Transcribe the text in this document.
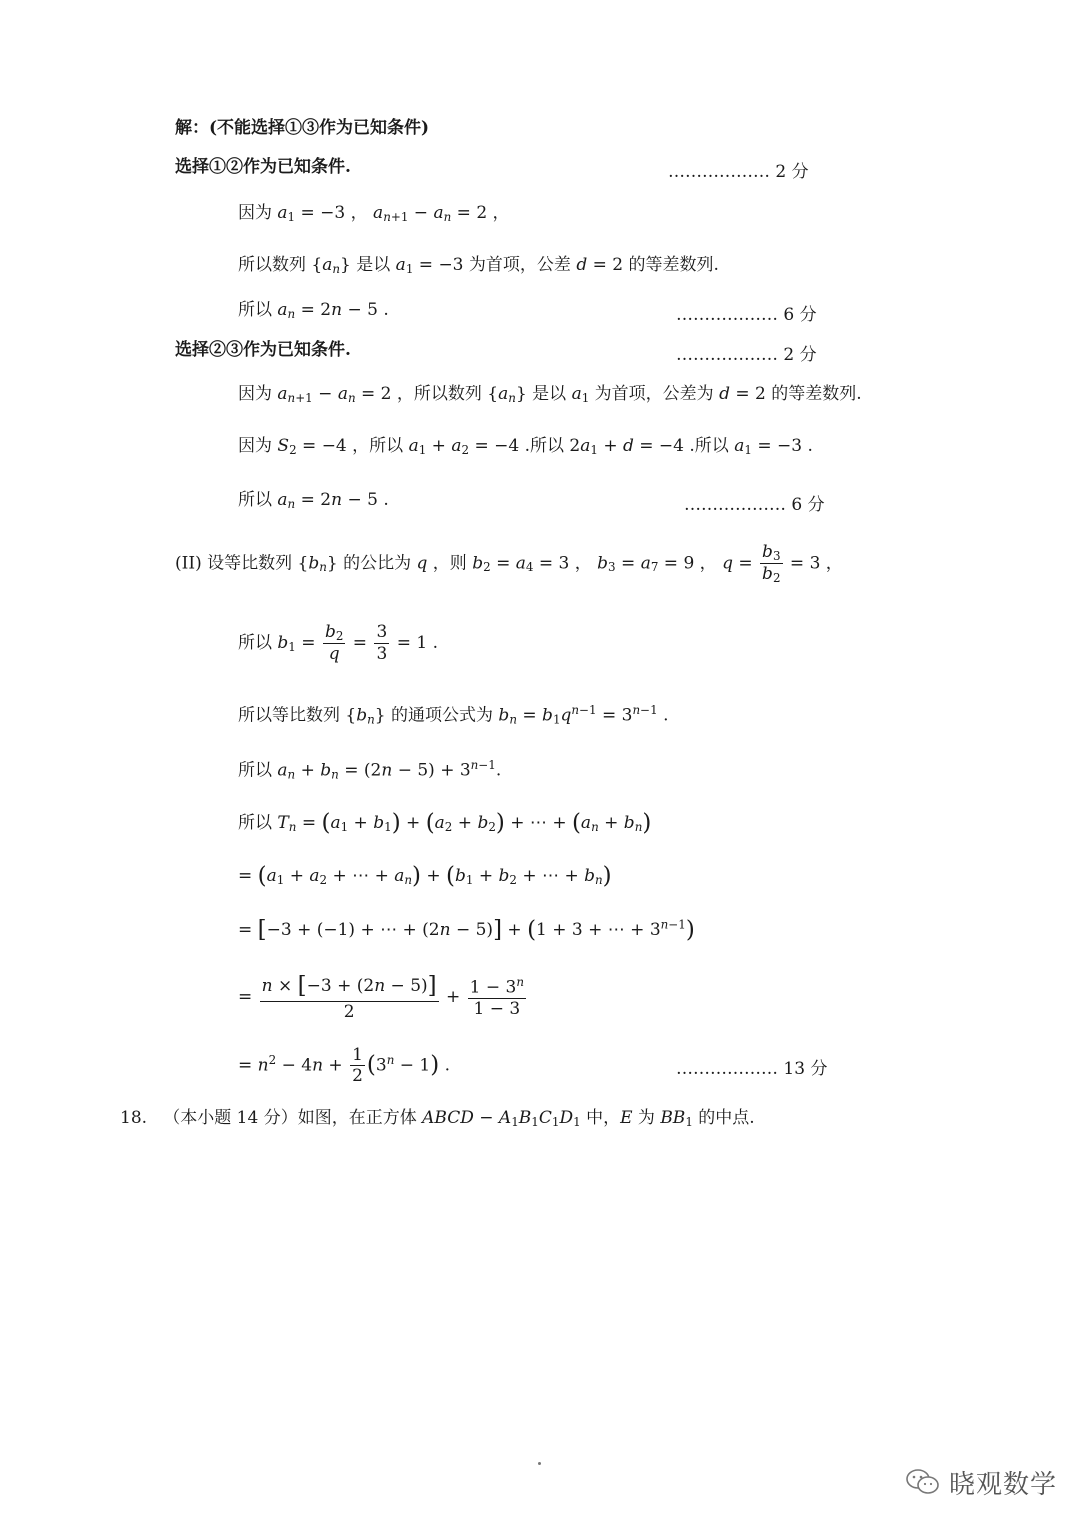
解：(不能选择①③作为已知条件)
选择①②作为已知条件.	……………… 2 分
因为 $a_1 = -3$ ， $a_{n+1} - a_n = 2$ ，
所以数列 $\{a_n\}$ 是以 $a_1 = -3$ 为首项，公差 d = 2 的等差数列.
所以 $a_n = 2n - 5$ .	……………… 6 分
选择②③作为已知条件.	……………… 2 分
因为 $a_{n+1} - a_n = 2$ ，所以数列 $\{a_n\}$ 是以 $a_1$ 为首项，公差为 d = 2 的等差数列.
因为 $S_2 = -4$ ，所以 $a_1 + a_2 = -4$ .所以 $2a_1 + d = -4$ .所以 $a_1 = -3$ .
所以 $a_n = 2n - 5$ .	……………… 6 分
(II) 设等比数列 $\{b_n\}$ 的公比为 q ，则 $b_2 = a_4 = 3$ ， $b_3 = a_7 = 9$ ， $q = \frac{b_3}{b_2} = 3$ ，
所以 $b_1 = \frac{b_2}{q} = \frac{3}{3} = 1$ .
所以等比数列 $\{b_n\}$ 的通项公式为 $b_n = b_1q^{n-1} = 3^{n-1}$ .
所以 $a_n + b_n = (2n - 5) + 3^{n-1}$.
所以 $T_n = (a_1 + b_1) + (a_2 + b_2)$ + ⋯ + $(a_n + b_n)$
= ($a_1 + a_2$ + ⋯ + $a_n) + (b_1 + b_2$ + ⋯ + $b_n$)
= [−3 + (−1) + ⋯ + (2n − 5)] + (1 + 3 + ⋯ + $3^{n-1}$)
= $\frac{n \times [-3 + (2n - 5)]}{2} + \frac{1 - 3^n}{1 - 3}$
= $n^2 - 4n + \frac{1}{2} (3^n - 1)$ .	……………… 13 分
18. （本小题 14 分）如图，在正方体 ABCD − $A_1B_1C_1D_1$ 中，E 为 $BB_1$ 的中点.
晓观数学
